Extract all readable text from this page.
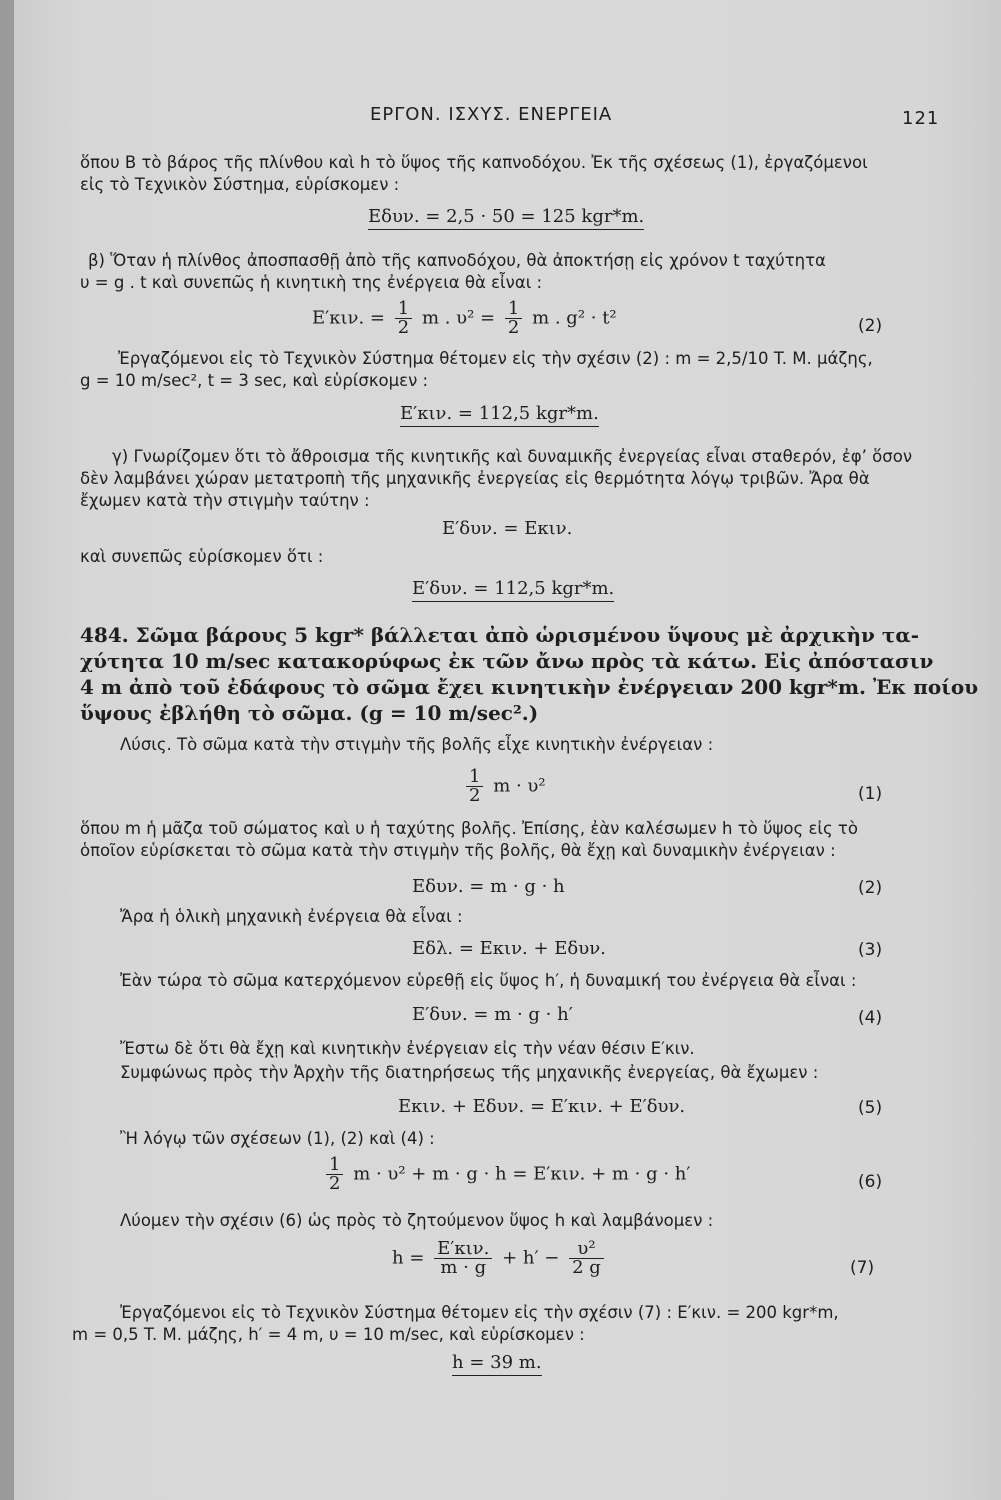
ΕΡΓΟΝ. ΙΣΧΥΣ. ΕΝΕΡΓΕΙΑ	121
ὅπου B τὸ βάρος τῆς πλίνθου καὶ h τὸ ὕψος τῆς καπνοδόχου. Ἐκ τῆς σχέσεως (1), ἐργαζόμενοι
εἰς τὸ Τεχνικὸν Σύστημα, εὑρίσκομεν :
Eδυν. = 2,5 · 50 = 125 kgr*m.
β) Ὅταν ἡ πλίνθος ἀποσπασθῇ ἀπὸ τῆς καπνοδόχου, θὰ ἀποκτήσῃ εἰς χρόνον t ταχύτητα
υ = g . t καὶ συνεπῶς ἡ κινητικὴ της ἐνέργεια θὰ εἶναι :
E′κιν. = $\frac{1}{2}$ m . $\upsilon^2 = \frac{1}{2}$ m . g² · t²	(2)
Ἐργαζόμενοι εἰς τὸ Τεχνικὸν Σύστημα θέτομεν εἰς τὴν σχέσιν (2) : m = 2,5/10 T. M. μάζης,
g = 10 m/sec², t = 3 sec, καὶ εὑρίσκομεν :
E′κιν. = 112,5 kgr*m.
γ) Γνωρίζομεν ὅτι τὸ ἄθροισμα τῆς κινητικῆς καὶ δυναμικῆς ἐνεργείας εἶναι σταθερόν, ἐφ’ ὅσον
δὲν λαμβάνει χώραν μετατροπὴ τῆς μηχανικῆς ἐνεργείας εἰς θερμότητα λόγῳ τριβῶν. Ἄρα θὰ
ἔχωμεν κατὰ τὴν στιγμὴν ταύτην :
E′δυν. = Eκιν.
καὶ συνεπῶς εὑρίσκομεν ὅτι :
E′δυν. = 112,5 kgr*m.
484. Σῶμα βάρους 5 kgr* βάλλεται ἀπὸ ὡρισμένου ὕψους μὲ ἀρχικὴν τα-
χύτητα 10 m/sec κατακορύφως ἐκ τῶν ἄνω πρὸς τὰ κάτω. Εἰς ἀπόστασιν
4 m ἀπὸ τοῦ ἐδάφους τὸ σῶμα ἔχει κινητικὴν ἐνέργειαν 200 kgr*m. Ἐκ ποίου
ὕψους ἐβλήθη τὸ σῶμα. (g = 10 m/sec².)
Λύσις. Τὸ σῶμα κατὰ τὴν στιγμὴν τῆς βολῆς εἶχε κινητικὴν ἐνέργειαν :
$\frac{1}{2}$ m · υ²	(1)
ὅπου m ἡ μᾶζα τοῦ σώματος καὶ υ ἡ ταχύτης βολῆς. Ἐπίσης, ἐὰν καλέσωμεν h τὸ ὕψος εἰς τὸ
ὁποῖον εὑρίσκεται τὸ σῶμα κατὰ τὴν στιγμὴν τῆς βολῆς, θὰ ἔχῃ καὶ δυναμικὴν ἐνέργειαν :
Eδυν. = m · g · h	(2)
Ἄρα ἡ ὁλικὴ μηχανικὴ ἐνέργεια θὰ εἶναι :
Eδλ. = Eκιν. + Eδυν.	(3)
Ἐὰν τώρα τὸ σῶμα κατερχόμενον εὑρεθῇ εἰς ὕψος h′, ἡ δυναμική του ἐνέργεια θὰ εἶναι :
E′δυν. = m · g · h′	(4)
Ἔστω δὲ ὅτι θὰ ἔχῃ καὶ κινητικὴν ἐνέργειαν εἰς τὴν νέαν θέσιν E′κιν.
Συμφώνως πρὸς τὴν Ἀρχὴν τῆς διατηρήσεως τῆς μηχανικῆς ἐνεργείας, θὰ ἔχωμεν :
Eκιν. + Eδυν. = E′κιν. + E′δυν.	(5)
Ἢ λόγῳ τῶν σχέσεων (1), (2) καὶ (4) :
$\frac{1}{2}$ m · υ² + m · g · h = E′κιν. + m · g · h′	(6)
Λύομεν τὴν σχέσιν (6) ὡς πρὸς τὸ ζητούμενον ὕψος h καὶ λαμβάνομεν :
$h = \frac{\text{E′κιν.}}{m \cdot g} + h' - \frac{\text{υ²}}{2 g}$	(7)
Ἐργαζόμενοι εἰς τὸ Τεχνικὸν Σύστημα θέτομεν εἰς τὴν σχέσιν (7) : E′κιν. = 200 kgr*m,
m = 0,5 T. M. μάζης, h′ = 4 m, υ = 10 m/sec, καὶ εὑρίσκομεν :
h = 39 m.
